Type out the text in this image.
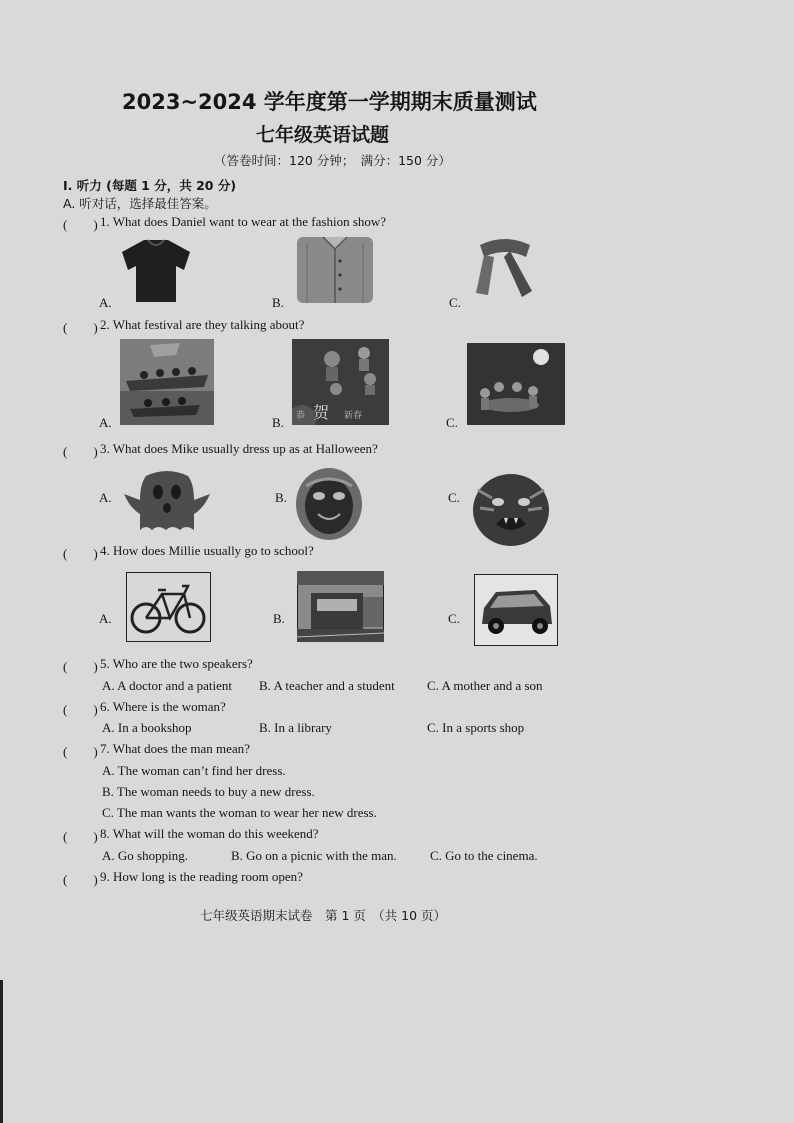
2023~2024 学年度第一学期期末质量测试
七年级英语试题
（答卷时间：120 分钟；　满分：150 分）
Ⅰ. 听力 (每题 1 分，共 20 分)
A. 听对话，选择最佳答案。
(　　) 1. What does Daniel want to wear at the fashion show?
A.	B.	C.
(　　) 2. What festival are they talking about?
A.	B. 恭 贺 新春	C.
(　　) 3. What does Mike usually dress up as at Halloween?
A.	B.	C.
(　　) 4. How does Millie usually go to school?
A.	B.	C.
(　　) 5. Who are the two speakers?
A. A doctor and a patient B. A teacher and a student C. A mother and a son
(　　) 6. Where is the woman?
A. In a bookshop	B. In a library	C. In a sports shop
(　　) 7. What does the man mean?
A. The woman can’t find her dress.
B. The woman needs to buy a new dress.
C. The man wants the woman to wear her new dress.
(　　) 8. What will the woman do this weekend?
A. Go shopping.	B. Go on a picnic with the man.	C. Go to the cinema.
(　　) 9. How long is the reading room open?
七年级英语期末试卷　第 1 页　（共 10 页）
